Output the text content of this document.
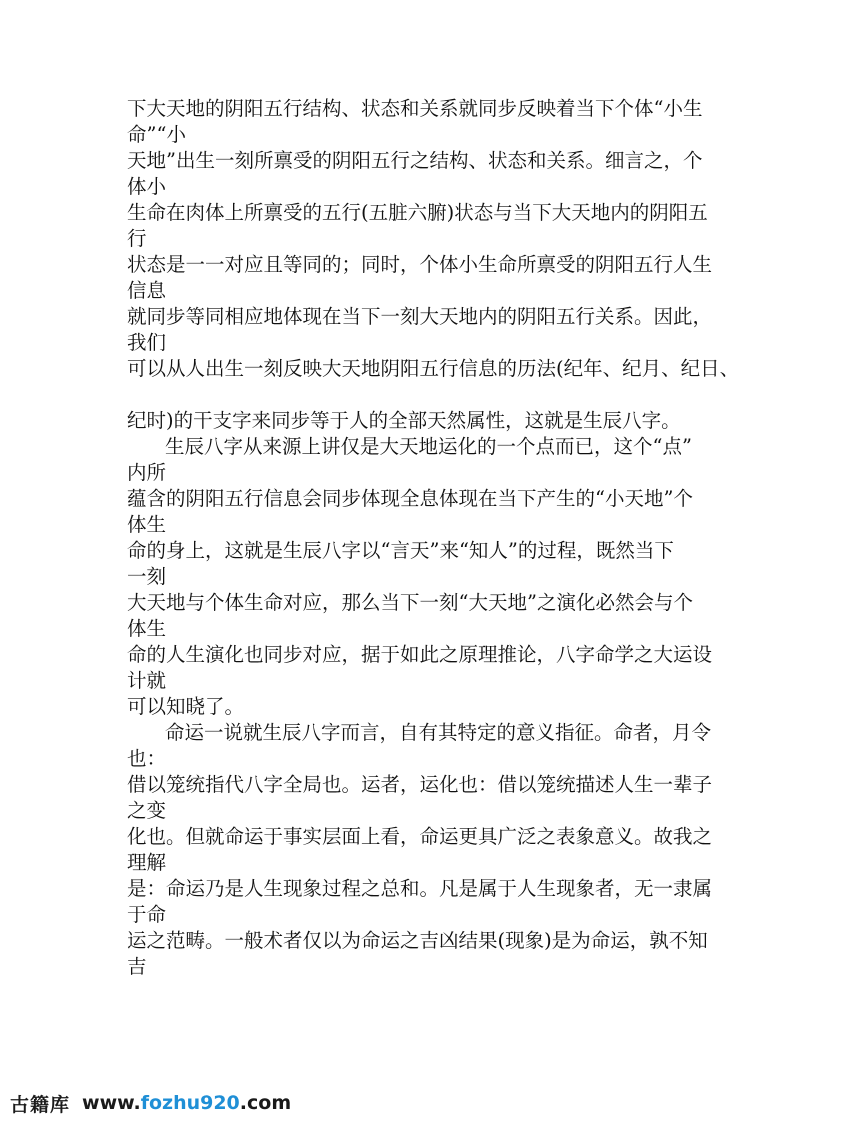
下大天地的阴阳五行结构、状态和关系就同步反映着当下个体“小生
命”“小
天地”出生一刻所禀受的阴阳五行之结构、状态和关系。细言之，个
体小
生命在肉体上所禀受的五行(五脏六腑)状态与当下大天地内的阴阳五
行
状态是一一对应且等同的；同时，个体小生命所禀受的阴阳五行人生
信息
就同步等同相应地体现在当下一刻大天地内的阴阳五行关系。因此，
我们
可以从人出生一刻反映大天地阴阳五行信息的历法(纪年、纪月、纪日、
纪时)的干支字来同步等于人的全部天然属性，这就是生辰八字。
生辰八字从来源上讲仅是大天地运化的一个点而已，这个“点”
内所
蕴含的阴阳五行信息会同步体现全息体现在当下产生的“小天地”个
体生
命的身上，这就是生辰八字以“言天”来“知人”的过程，既然当下
一刻
大天地与个体生命对应，那么当下一刻“大天地”之演化必然会与个
体生
命的人生演化也同步对应，据于如此之原理推论，八字命学之大运设
计就
可以知晓了。
命运一说就生辰八字而言，自有其特定的意义指征。命者，月令
也：
借以笼统指代八字全局也。运者，运化也：借以笼统描述人生一辈子
之变
化也。但就命运于事实层面上看，命运更具广泛之表象意义。故我之
理解
是：命运乃是人生现象过程之总和。凡是属于人生现象者，无一隶属
于命
运之范畴。一般术者仅以为命运之吉凶结果(现象)是为命运，孰不知
吉
古籍库 www.fozhu920.com
